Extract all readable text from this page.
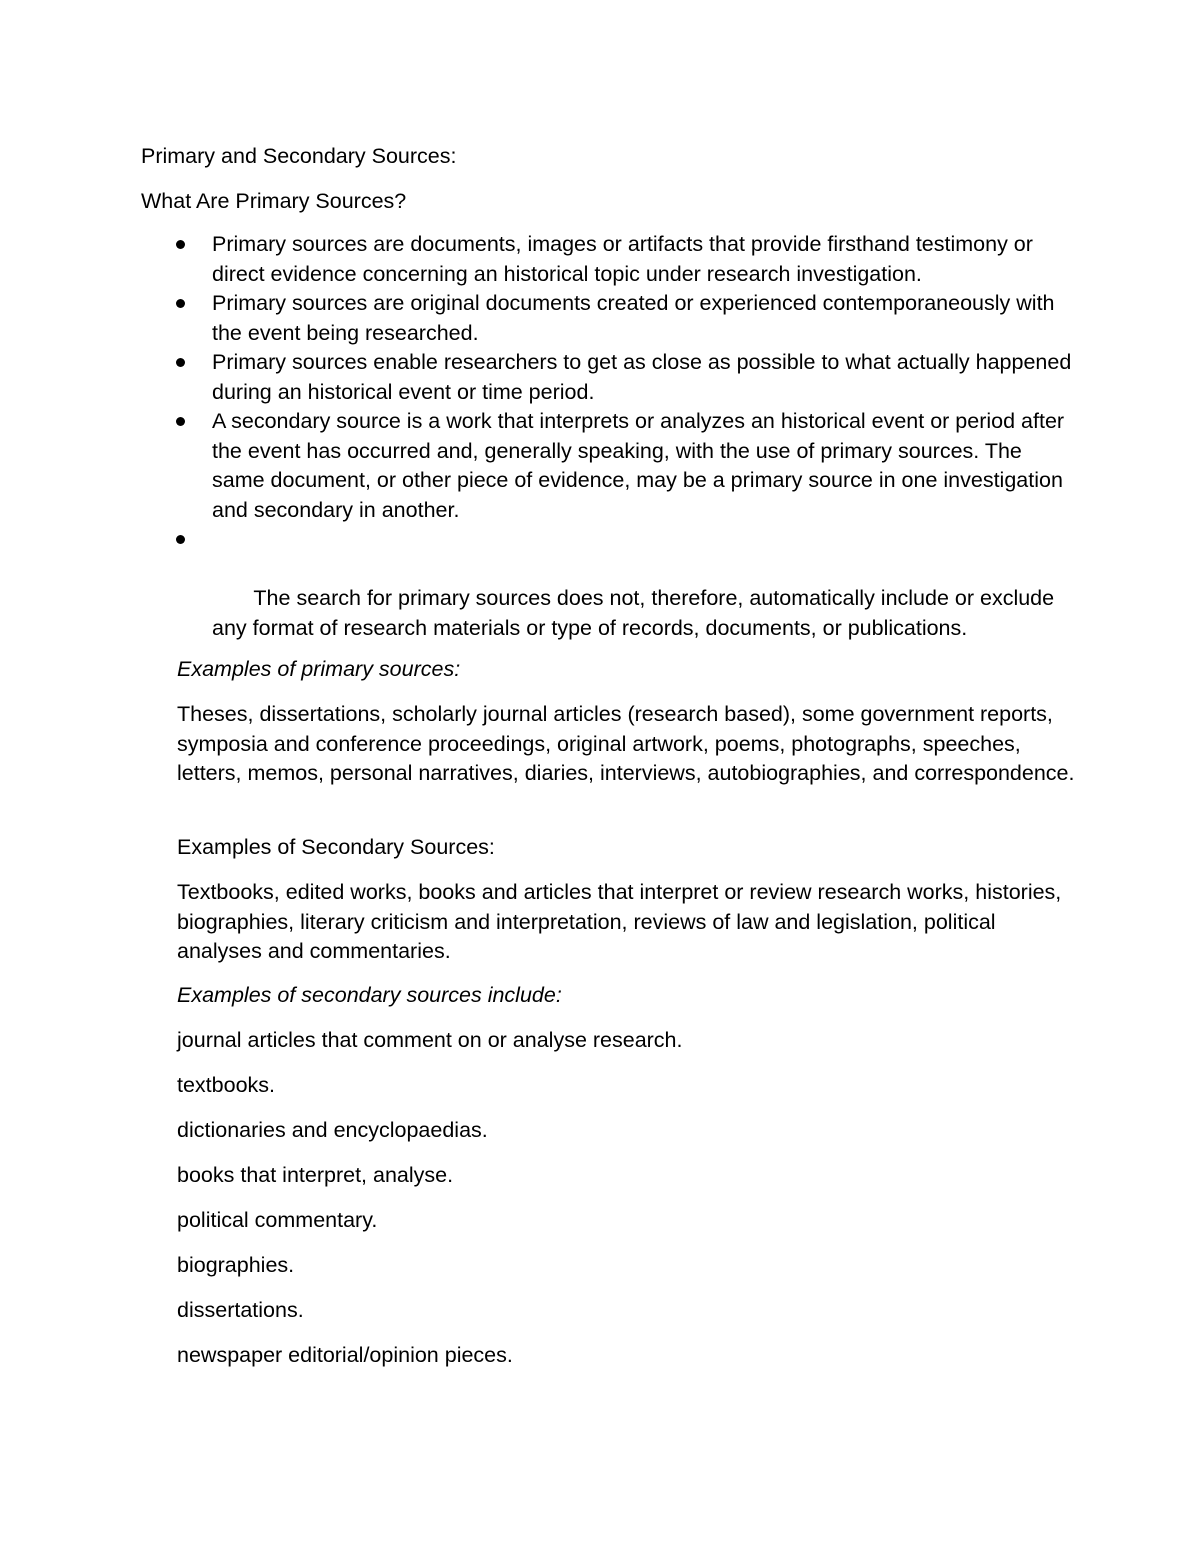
Primary and Secondary Sources:
What Are Primary Sources?
Primary sources are documents, images or artifacts that provide firsthand testimony or direct evidence concerning an historical topic under research investigation.
Primary sources are original documents created or experienced contemporaneously with the event being researched.
Primary sources enable researchers to get as close as possible to what actually happened during an historical event or time period.
A secondary source is a work that interprets or analyzes an historical event or period after the event has occurred and, generally speaking, with the use of primary sources. The same document, or other piece of evidence, may be a primary source in one investigation and secondary in another.

The search for primary sources does not, therefore, automatically include or exclude any format of research materials or type of records, documents, or publications.

Examples of primary sources:

Theses, dissertations, scholarly journal articles (research based), some government reports, symposia and conference proceedings, original artwork, poems, photographs, speeches, letters, memos, personal narratives, diaries, interviews, autobiographies, and correspondence.

Examples of Secondary Sources:

Textbooks, edited works, books and articles that interpret or review research works, histories, biographies, literary criticism and interpretation, reviews of law and legislation, political analyses and commentaries.

Examples of secondary sources include:

journal articles that comment on or analyse research.

textbooks.

dictionaries and encyclopaedias.

books that interpret, analyse.

political commentary.

biographies.

dissertations.

newspaper editorial/opinion pieces.
